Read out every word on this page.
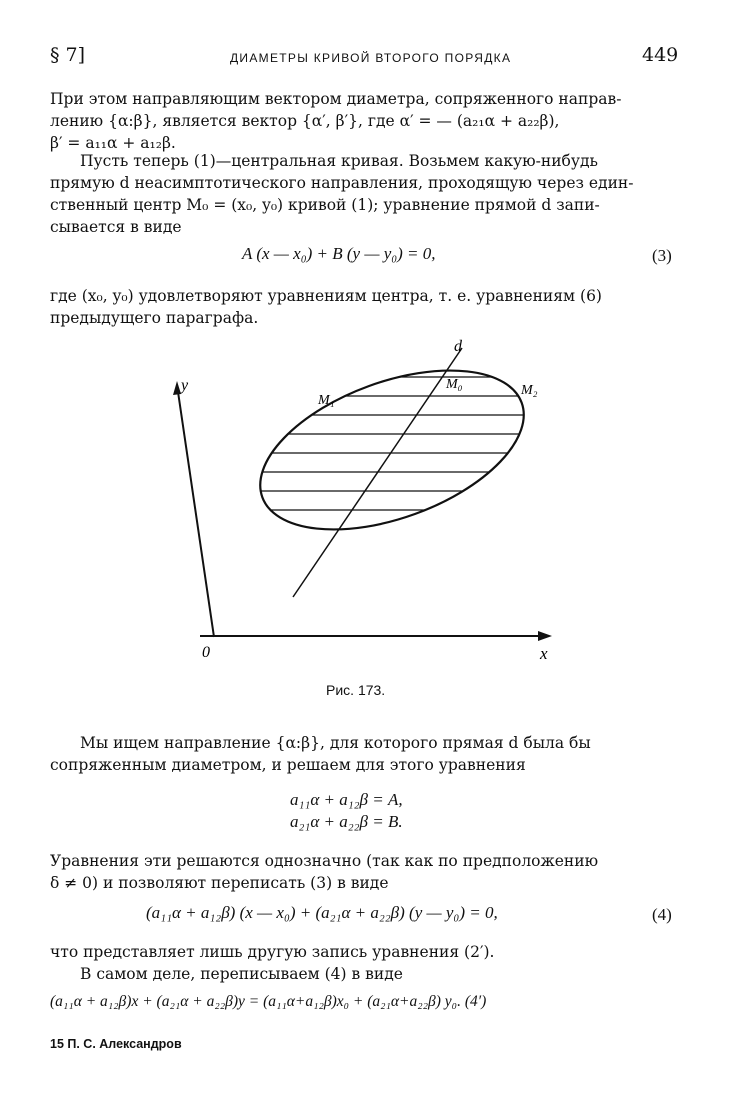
§ 7]	ДИАМЕТРЫ КРИВОЙ ВТОРОГО ПОРЯДКА	449
При этом направляющим вектором диаметра, сопряженного направ-
лению {α:β}, является вектор {α′, β′}, где α′ = — (a₂₁α + a₂₂β),
β′ = a₁₁α + a₁₂β.
Пусть теперь (1)—центральная кривая. Возьмем какую-нибудь
прямую d неасимптотического направления, проходящую через един-
ственный центр M₀ = (x₀, y₀) кривой (1); уравнение прямой d запи-
сывается в виде
A (x — x₀) + B (y — y₀) = 0,	(3)
где (x₀, y₀) удовлетворяют уравнениям центра, т. е. уравнениям (6)
предыдущего параграфа.
d
y
x
0
M₀
M₁
M₂
Рис. 173.
Мы ищем направление {α:β}, для которого прямая d была бы
сопряженным диаметром, и решаем для этого уравнения
a₁₁α + a₁₂β = A,
a₂₁α + a₂₂β = B.
Уравнения эти решаются однозначно (так как по предположению
δ ≠ 0) и позволяют переписать (3) в виде
(a₁₁α + a₁₂β) (x — x₀) + (a₂₁α + a₂₂β) (y — y₀) = 0,	(4)
что представляет лишь другую запись уравнения (2′).
В самом деле, переписываем (4) в виде
(a₁₁α + a₁₂β)x + (a₂₁α + a₂₂β)y = (a₁₁α+a₁₂β)x₀ + (a₂₁α+a₂₂β) y₀. (4′)
15 П. С. Александров
